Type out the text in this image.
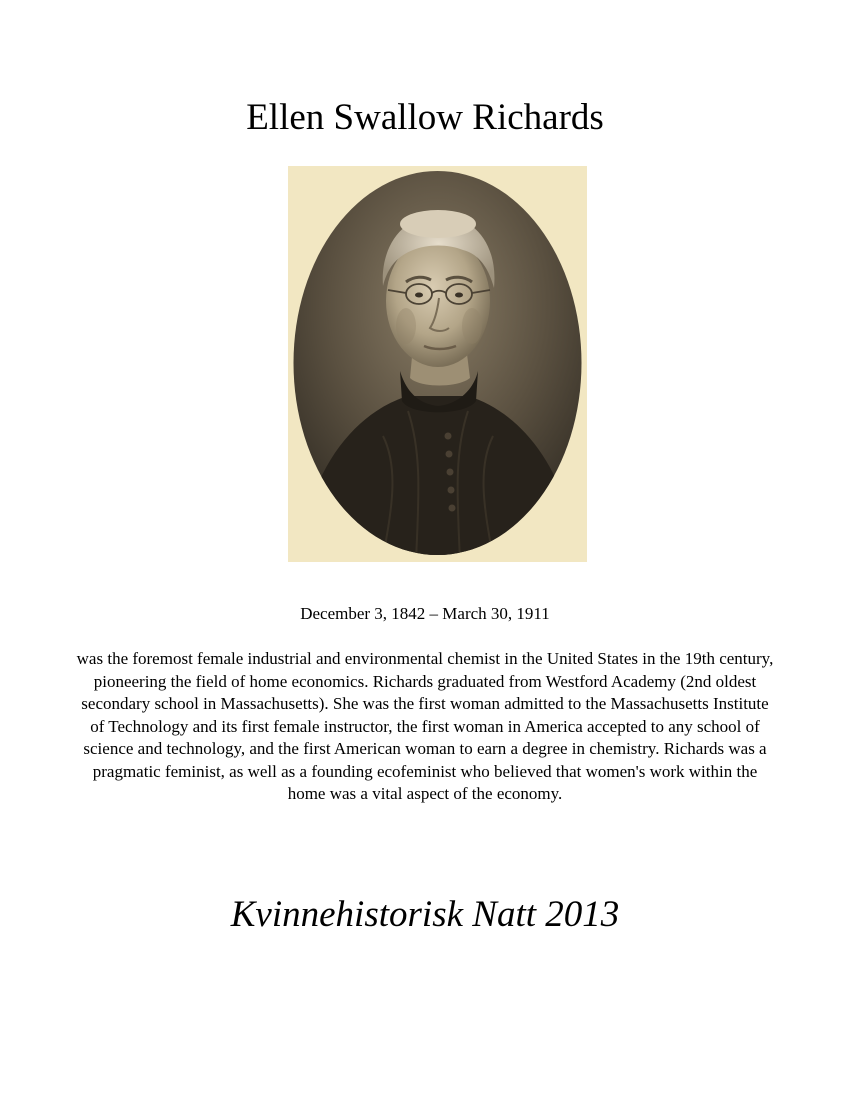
Ellen Swallow Richards
December 3, 1842 – March 30, 1911
was the foremost female industrial and environmental chemist in the United States in the 19th century, pioneering the field of home economics. Richards graduated from Westford Academy (2nd oldest secondary school in Massachusetts). She was the first woman admitted to the Massachusetts Institute of Technology and its first female instructor, the first woman in America accepted to any school of science and technology, and the first American woman to earn a degree in chemistry. Richards was a pragmatic feminist, as well as a founding ecofeminist who believed that women's work within the home was a vital aspect of the economy.
Kvinnehistorisk Natt 2013
